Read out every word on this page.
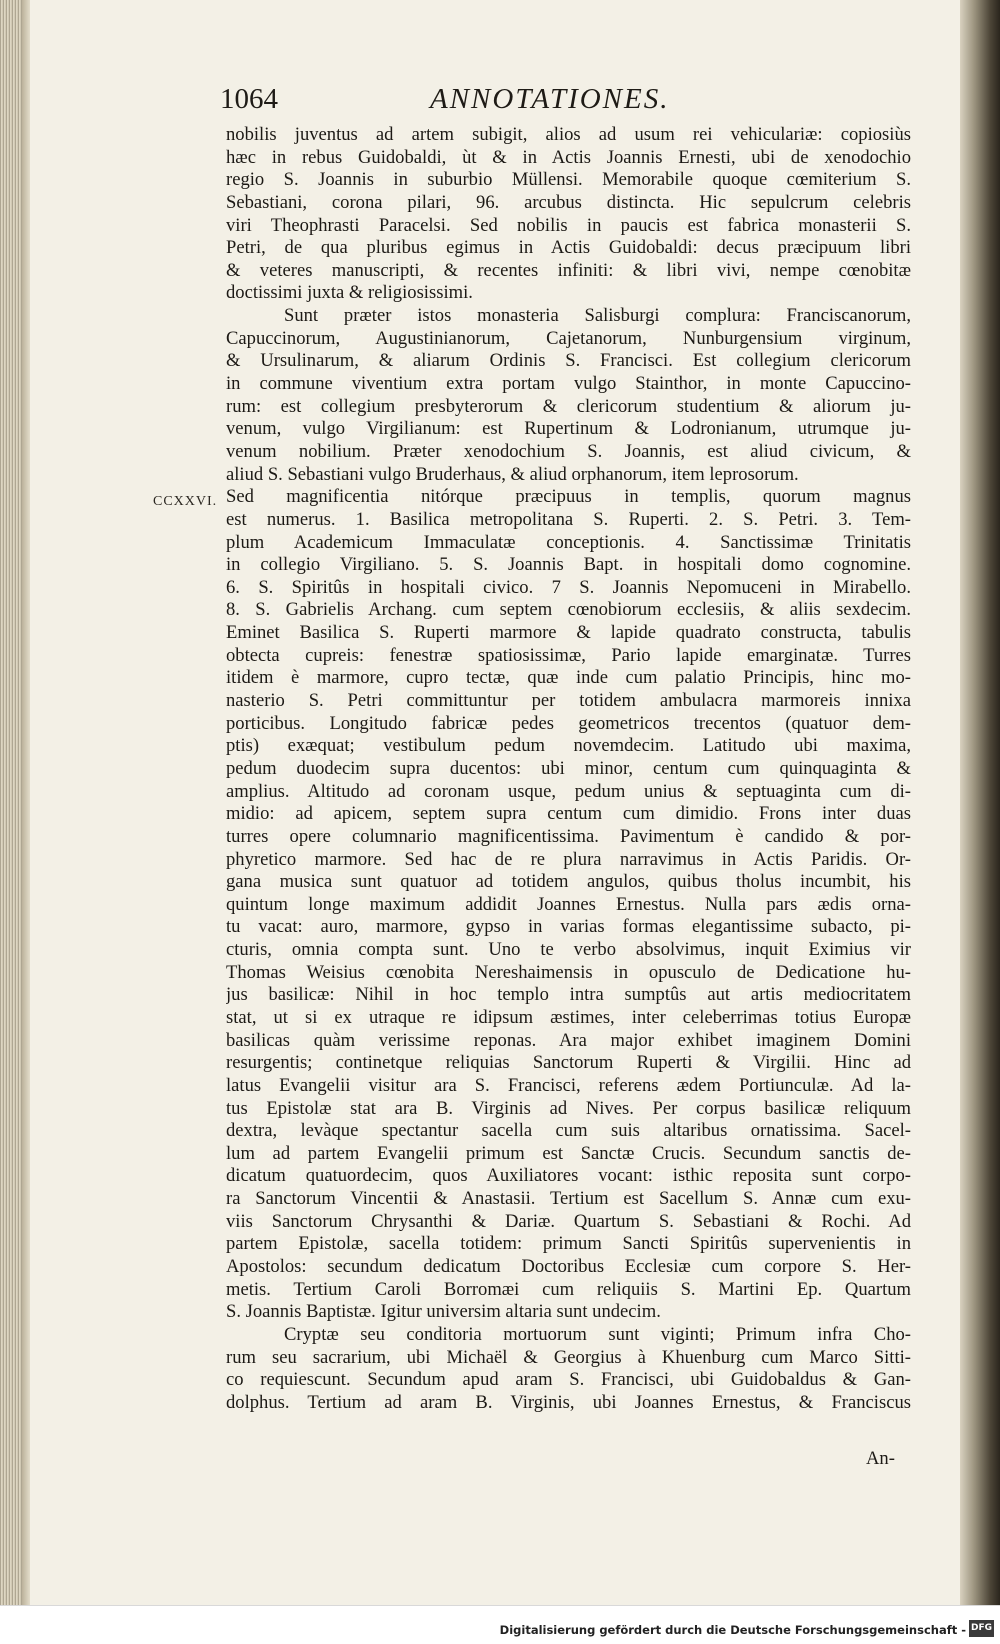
1064	ANNOTATIONES.
CCXXVI.
nobilis juventus ad artem subigit, alios ad usum rei vehiculariæ: copiosiùs
hæc in rebus Guidobaldi, ùt & in Actis Joannis Ernesti, ubi de xenodochio
regio S. Joannis in suburbio Müllensi. Memorabile quoque cœmiterium S.
Sebastiani, corona pilari, 96. arcubus distincta. Hic sepulcrum celebris
viri Theophrasti Paracelsi. Sed nobilis in paucis est fabrica monasterii S.
Petri, de qua pluribus egimus in Actis Guidobaldi: decus præcipuum libri
& veteres manuscripti, & recentes infiniti: & libri vivi, nempe cœnobitæ
doctissimi juxta & religiosissimi.
Sunt præter istos monasteria Salisburgi complura: Franciscanorum,
Capuccinorum, Augustinianorum, Cajetanorum, Nunburgensium virginum,
& Ursulinarum, & aliarum Ordinis S. Francisci. Est collegium clericorum
in commune viventium extra portam vulgo Stainthor, in monte Capuccino-
rum: est collegium presbyterorum & clericorum studentium & aliorum ju-
venum, vulgo Virgilianum: est Rupertinum & Lodronianum, utrumque ju-
venum nobilium. Præter xenodochium S. Joannis, est aliud civicum, &
aliud S. Sebastiani vulgo Bruderhaus, & aliud orphanorum, item leprosorum.
Sed magnificentia nitórque præcipuus in templis, quorum magnus
est numerus. 1. Basilica metropolitana S. Ruperti. 2. S. Petri. 3. Tem-
plum Academicum Immaculatæ conceptionis. 4. Sanctissimæ Trinitatis
in collegio Virgiliano. 5. S. Joannis Bapt. in hospitali domo cognomine.
6. S. Spiritûs in hospitali civico. 7 S. Joannis Nepomuceni in Mirabello.
8. S. Gabrielis Archang. cum septem cœnobiorum ecclesiis, & aliis sexdecim.
Eminet Basilica S. Ruperti marmore & lapide quadrato constructa, tabulis
obtecta cupreis: fenestræ spatiosissimæ, Pario lapide emarginatæ. Turres
itidem è marmore, cupro tectæ, quæ inde cum palatio Principis, hinc mo-
nasterio S. Petri committuntur per totidem ambulacra marmoreis innixa
porticibus. Longitudo fabricæ pedes geometricos trecentos (quatuor dem-
ptis) exæquat; vestibulum pedum novemdecim. Latitudo ubi maxima,
pedum duodecim supra ducentos: ubi minor, centum cum quinquaginta &
amplius. Altitudo ad coronam usque, pedum unius & septuaginta cum di-
midio: ad apicem, septem supra centum cum dimidio. Frons inter duas
turres opere columnario magnificentissima. Pavimentum è candido & por-
phyretico marmore. Sed hac de re plura narravimus in Actis Paridis. Or-
gana musica sunt quatuor ad totidem angulos, quibus tholus incumbit, his
quintum longe maximum addidit Joannes Ernestus. Nulla pars ædis orna-
tu vacat: auro, marmore, gypso in varias formas elegantissime subacto, pi-
cturis, omnia compta sunt. Uno te verbo absolvimus, inquit Eximius vir
Thomas Weisius cœnobita Nereshaimensis in opusculo de Dedicatione hu-
jus basilicæ: Nihil in hoc templo intra sumptûs aut artis mediocritatem
stat, ut si ex utraque re idipsum æstimes, inter celeberrimas totius Europæ
basilicas quàm verissime reponas. Ara major exhibet imaginem Domini
resurgentis; continetque reliquias Sanctorum Ruperti & Virgilii. Hinc ad
latus Evangelii visitur ara S. Francisci, referens ædem Portiunculæ. Ad la-
tus Epistolæ stat ara B. Virginis ad Nives. Per corpus basilicæ reliquum
dextra, levàque spectantur sacella cum suis altaribus ornatissima. Sacel-
lum ad partem Evangelii primum est Sanctæ Crucis. Secundum sanctis de-
dicatum quatuordecim, quos Auxiliatores vocant: isthic reposita sunt corpo-
ra Sanctorum Vincentii & Anastasii. Tertium est Sacellum S. Annæ cum exu-
viis Sanctorum Chrysanthi & Dariæ. Quartum S. Sebastiani & Rochi. Ad
partem Epistolæ, sacella totidem: primum Sancti Spiritûs supervenientis in
Apostolos: secundum dedicatum Doctoribus Ecclesiæ cum corpore S. Her-
metis. Tertium Caroli Borromæi cum reliquiis S. Martini Ep. Quartum
S. Joannis Baptistæ. Igitur universim altaria sunt undecim.
Cryptæ seu conditoria mortuorum sunt viginti; Primum infra Cho-
rum seu sacrarium, ubi Michaël & Georgius à Khuenburg cum Marco Sitti-
co requiescunt. Secundum apud aram S. Francisci, ubi Guidobaldus & Gan-
dolphus. Tertium ad aram B. Virginis, ubi Joannes Ernestus, & Franciscus
An-
Digitalisierung gefördert durch die Deutsche Forschungsgemeinschaft - DFG
